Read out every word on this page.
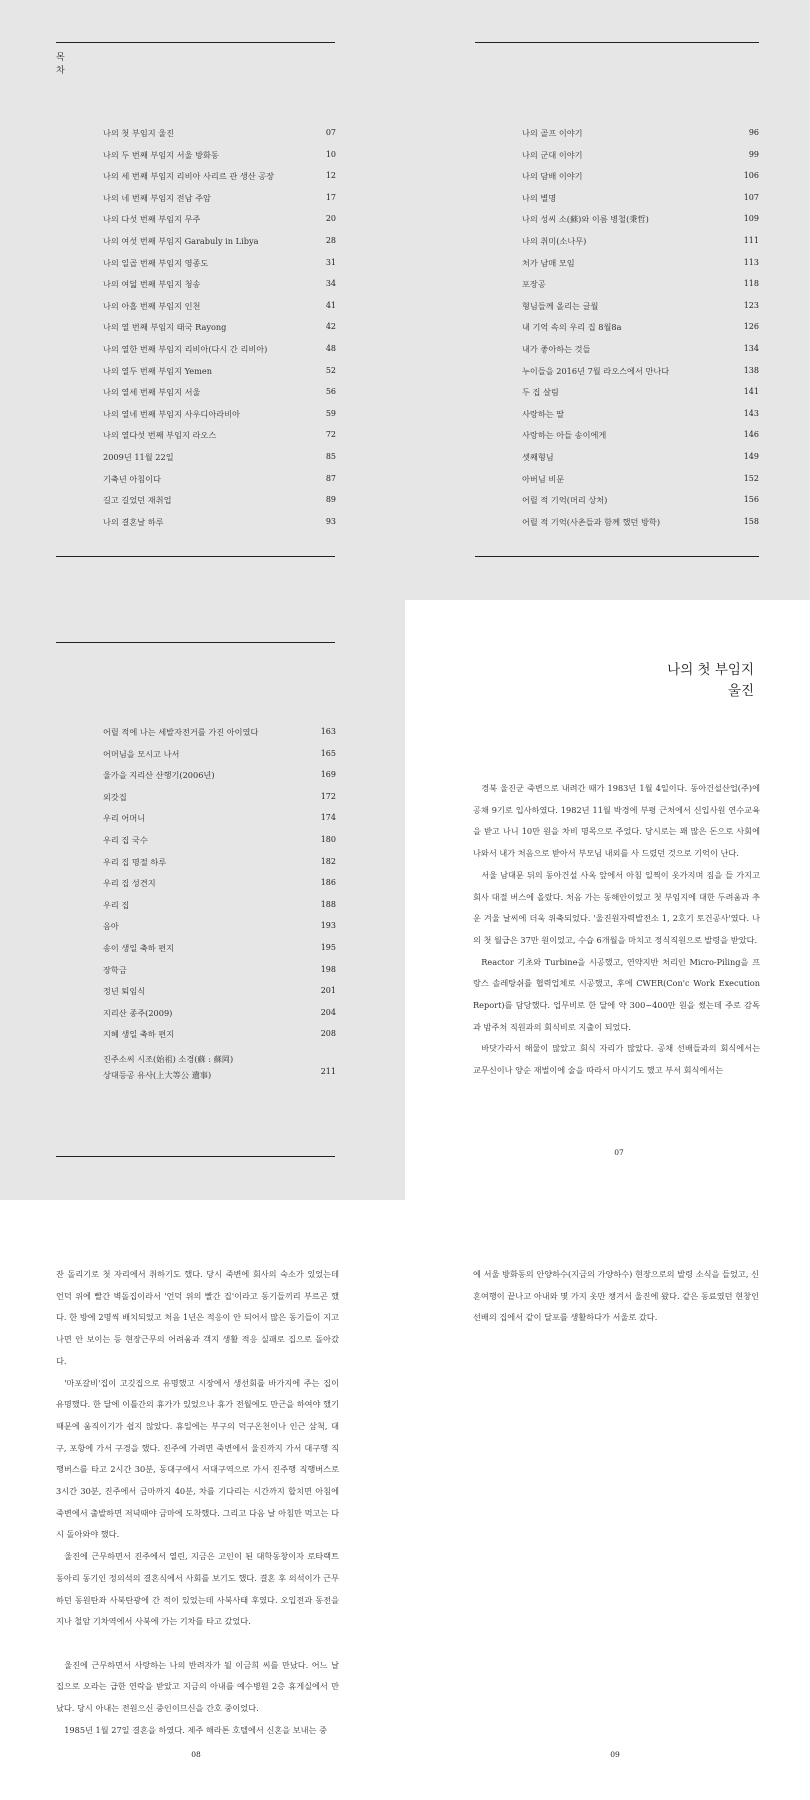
목차
나의 첫 부임지 울진	07
나의 두 번째 부임지 서울 방화동	10
나의 세 번째 부임지 리비아 사리르 관 생산 공장	12
나의 네 번째 부임지 전남 주암	17
나의 다섯 번째 부임지 무주	20
나의 여섯 번째 부임지 Garabuly in Libya	28
나의 일곱 번째 부임지 영종도	31
나의 여덟 번째 부임지 청송	34
나의 아홉 번째 부임지 인천	41
나의 열 번째 부임지 태국 Rayong	42
나의 열한 번째 부임지 리비아(다시 간 리비아)	48
나의 열두 번째 부임지 Yemen	52
나의 열세 번째 부임지 서울	56
나의 열네 번째 부임지 사우디아라비아	59
나의 열다섯 번째 부임지 라오스	72
2009년 11월 22일	85
기축년 아침이다	87
길고 길었던 재취업	89
나의 결혼날 하루	93
나의 골프 이야기	96
나의 군대 이야기	99
나의 담배 이야기	106
나의 별명	107
나의 성씨 소(蘇)와 이름 병철(秉哲)	109
나의 취미(소나무)	111
처가 남매 모임	113
포장공	118
형님들께 올리는 글월	123
내 기억 속의 우리 집 8월8a	126
내가 좋아하는 것들	134
누이들을 2016년 7월 라오스에서 만나다	138
두 집 살림	141
사랑하는 딸	143
사랑하는 아들 송이에게	146
셋째형님	149
아버님 비문	152
어릴 적 기억(머리 상처)	156
어릴 적 기억(사촌들과 함께 했던 방학)	158
어릴 적에 나는 세발자전거를 가진 아이였다	163
어머님을 모시고 나서	165
울가을 지리산 산행기(2006년)	169
외갓집	172
우리 어머니	174
우리 집 국수	180
우리 집 명절 하루	182
우리 집 성견지	186
우리 집	188
음아	193
송이 생일 축하 편지	195
장학금	198
정년 퇴임식	201
지리산 종주(2009)	204
지혜 생일 축하 편지	208
진주소씨 시조(始祖) 소경(蘇 : 蘇岡)
상대등공 유사(上大等公 遺事)	211
나의 첫 부임지
울진

경북 울진군 죽변으로 내려간 때가 1983년 1월 4일이다. 동아건설산업(주)에 공채 9기로 입사하였다. 1982년 11월 박경에 부평 근처에서 신입사원 연수교육을 받고 나니 10만 원을 차비 명목으로 주었다. 당시로는 꽤 많은 돈으로 사회에 나와서 내가 처음으로 받아서 부모님 내외를 사 드렸던 것으로 기억이 난다.

서울 남대문 뒤의 동아건설 사옥 앞에서 아침 일찍이 옷가지며 짐을 들 가지고 회사 대절 버스에 올랐다. 처음 가는 동해안이었고 첫 부임지에 대한 두려움과 추운 겨울 날씨에 더욱 위축되었다. '울진원자력발전소 1, 2호기 토건공사'였다. 나의 첫 월급은 37만 원이었고, 수습 6개월을 마치고 정식직원으로 발령을 받았다.

Reactor 기초와 Turbine을 시공했고, 연약지반 처리인 Micro-Piling을 프랑스 솔레탕쉬를 협력업체로 시공했고, 후에 CWER(Con'c Work Execution Report)를 담당했다. 업무비로 한 달에 약 300~400만 원을 썼는데 주로 감독과 밤주처 직원과의 회식비로 지출이 되었다.

바닷가라서 해물이 많았고 회식 자리가 많았다. 공채 선배들과의 회식에서는 교무신이나 양순 재벌이에 술을 따라서 마시기도 했고 부서 회식에서는

07

잔 돌리기로 첫 자리에서 취하기도 했다. 당시 죽변에 회사의 숙소가 있었는데 언덕 위에 빨간 벽돌집이라서 '언덕 위의 빨간 집'이라고 동기들끼리 부르곤 했다. 한 방에 2명씩 배치되었고 처음 1년은 적응이 안 되어서 많은 동기들이 지고 나면 안 보이는 등 현장근무의 어려움과 객지 생활 적응 실패로 집으로 돌아갔다.

'마포갈비'집이 고깃집으로 유명했고 시장에서 생선회를 바가지에 주는 집이 유명했다. 한 달에 이틀간의 휴가가 있었으나 휴가 전월에도 만근을 하여야 했기 때문에 움직이기가 쉽지 않았다. 휴일에는 부구의 덕구온천이나 인근 삼척, 대구, 포항에 가서 구경을 했다. 진주에 가려면 죽변에서 울진까지 가서 대구행 직행버스를 타고 2시간 30분, 동대구에서 서대구역으로 가서 진주행 직행버스로 3시간 30분, 진주에서 금마까지 40분, 차를 기다리는 시간까지 합치면 아침에 죽변에서 출발하면 저녁때야 금마에 도착했다. 그리고 다음 날 아침만 먹고는 다시 돌아와야 했다.

울진에 근무하면서 진주에서 열린, 지금은 고인이 된 대학동창이자 로타랙트 동아리 동기인 정의석의 결혼식에서 사회를 보기도 했다. 결혼 후 의석이가 근무하던 동원탄좌 사북탄광에 간 적이 있었는데 사북사태 후였다. 오입전과 동전을 지나 철암 기차역에서 사북에 가는 기차를 타고 갔었다.

울진에 근무하면서 사랑하는 나의 반려자가 될 이금희 씨를 만났다. 어느 날 집으로 오라는 급한 연락을 받았고 지금의 아내를 예수병원 2층 휴게실에서 만났다. 당시 아내는 전원으신 중인이므신을 간호 중이었다.

1985년 1월 27일 결혼을 하였다. 제주 해라톤 호텔에서 신혼을 보내는 중

08

에 서울 방화동의 안양하수(지금의 가양하수) 현장으로의 발령 소식을 들었고, 신혼여행이 끝나고 아내와 몇 가지 옷만 챙겨서 울진에 왔다. 같은 동료였던 현창인 선배의 집에서 같이 달포를 생활하다가 서울로 갔다.

09
